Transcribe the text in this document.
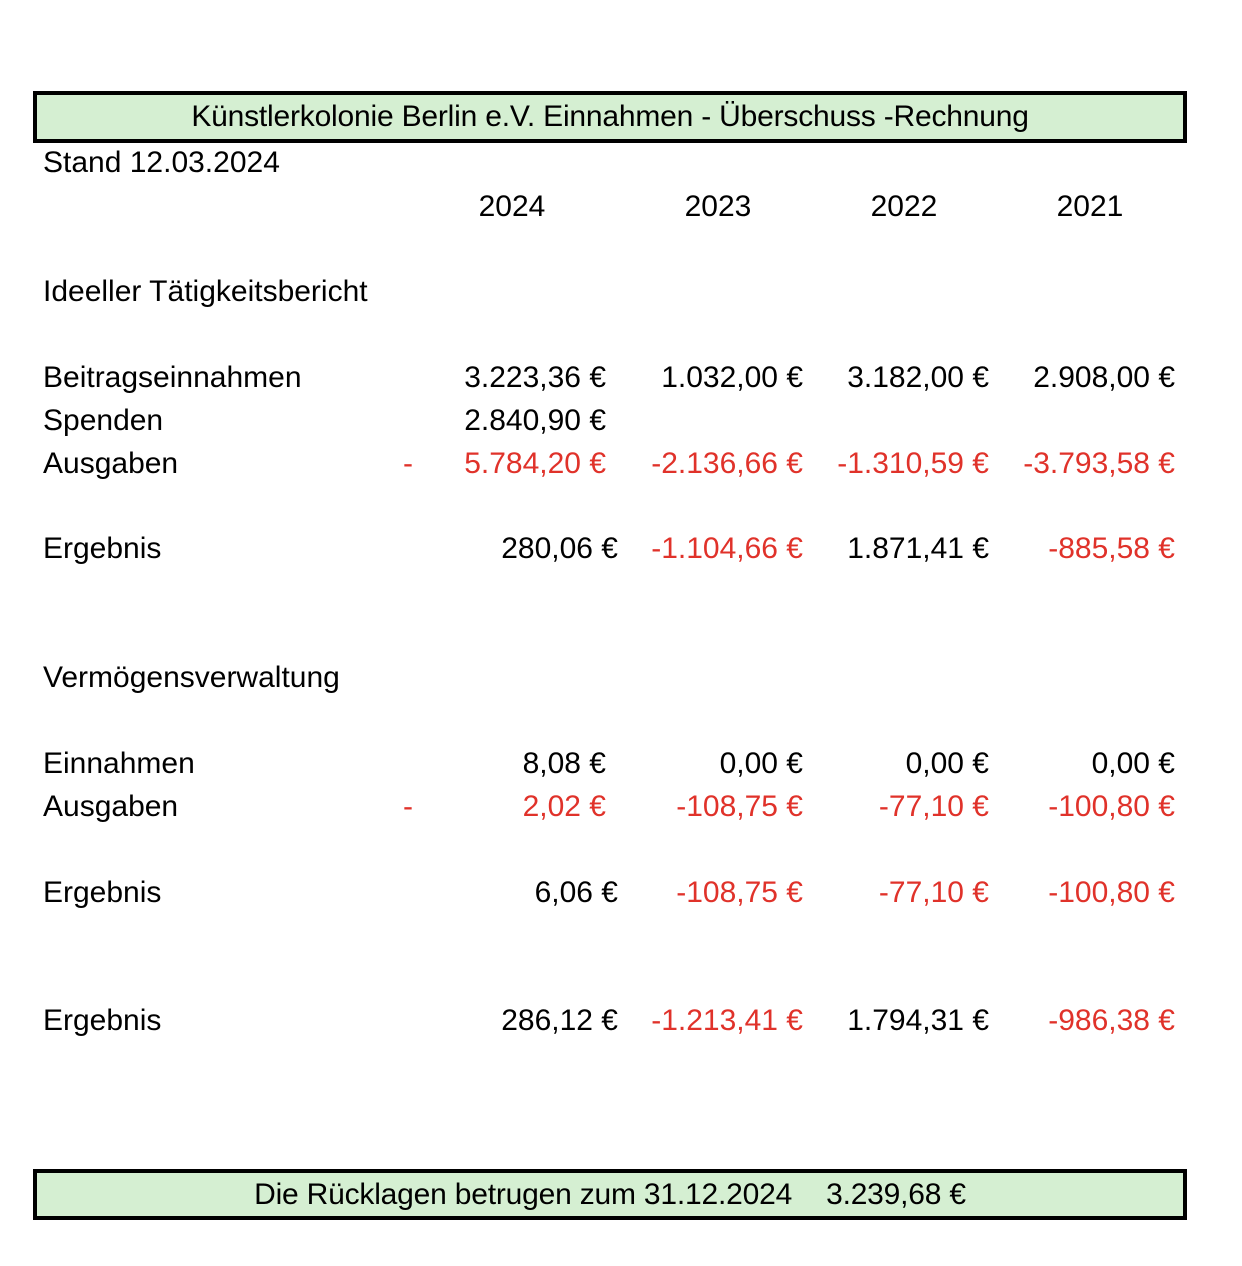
Künstlerkolonie Berlin e.V. Einnahmen - Überschuss -Rechnung
Stand 12.03.2024
2024	2023	2022	2021
Ideeller Tätigkeitsbericht
Beitragseinnahmen	3.223,36 €	1.032,00 €	3.182,00 €	2.908,00 €
Spenden	2.840,90 €
Ausgaben	-	5.784,20 €	-2.136,66 €	-1.310,59 €	-3.793,58 €
Ergebnis	280,06 €	-1.104,66 €	1.871,41 €	-885,58 €
Vermögensverwaltung
Einnahmen	8,08 €	0,00 €	0,00 €	0,00 €
Ausgaben	-	2,02 €	-108,75 €	-77,10 €	-100,80 €
Ergebnis	6,06 €	-108,75 €	-77,10 €	-100,80 €
Ergebnis	286,12 €	-1.213,41 €	1.794,31 €	-986,38 €
Die Rücklagen betrugen zum 31.12.2024 3.239,68 €
